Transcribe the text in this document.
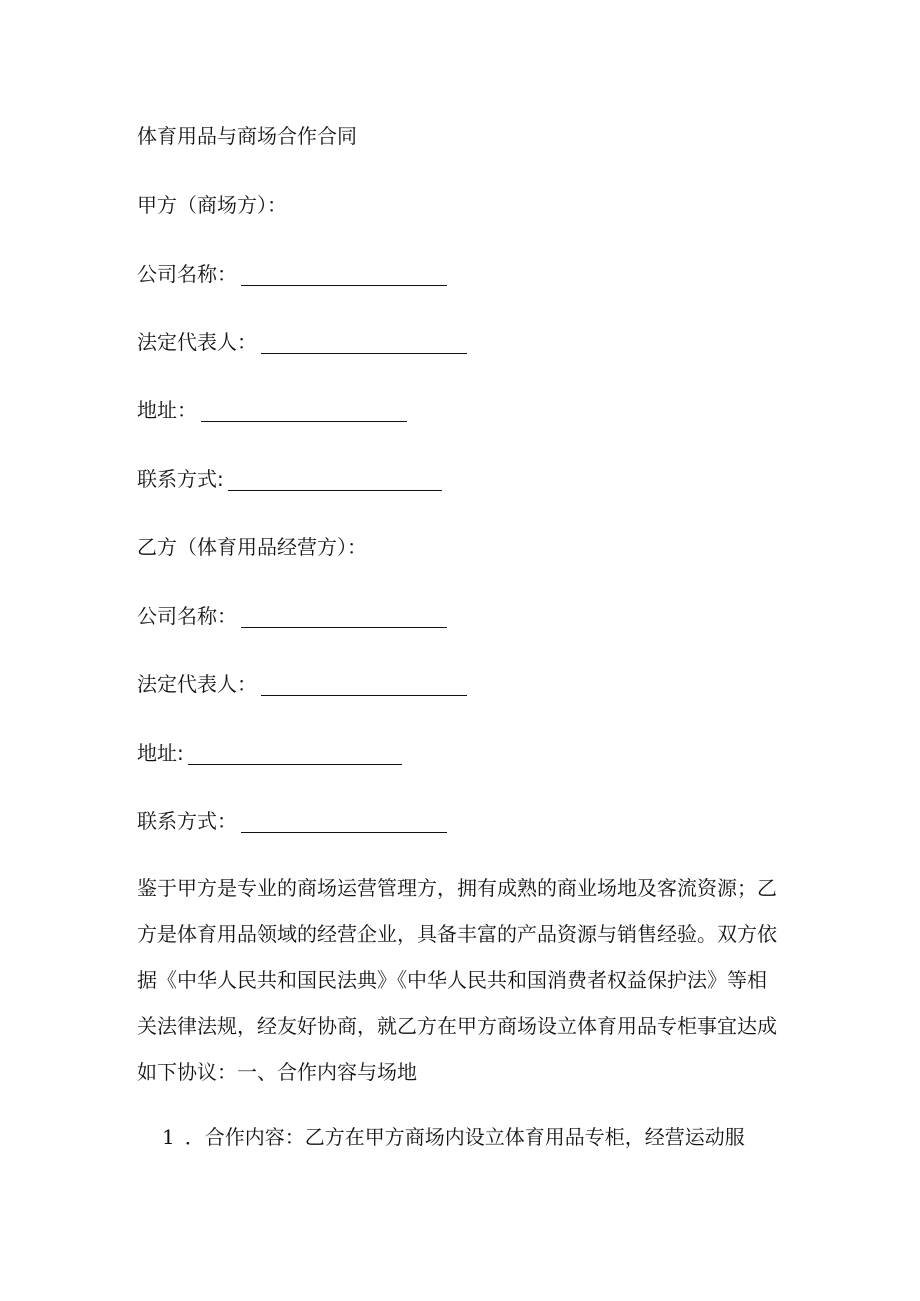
体育用品与商场合作合同
甲方（商场方）：
公司名称：
法定代表人：
地址：
联系方式:
乙方（体育用品经营方）：
公司名称：
法定代表人：
地址:
联系方式：
鉴于甲方是专业的商场运营管理方，拥有成熟的商业场地及客流资源；乙
方是体育用品领域的经营企业，具备丰富的产品资源与销售经验。双方依
据《中华人民共和国民法典》《中华人民共和国消费者权益保护法》等相
关法律法规，经友好协商，就乙方在甲方商场设立体育用品专柜事宜达成
如下协议：一、合作内容与场地
1 ．合作内容：乙方在甲方商场内设立体育用品专柜，经营运动服
